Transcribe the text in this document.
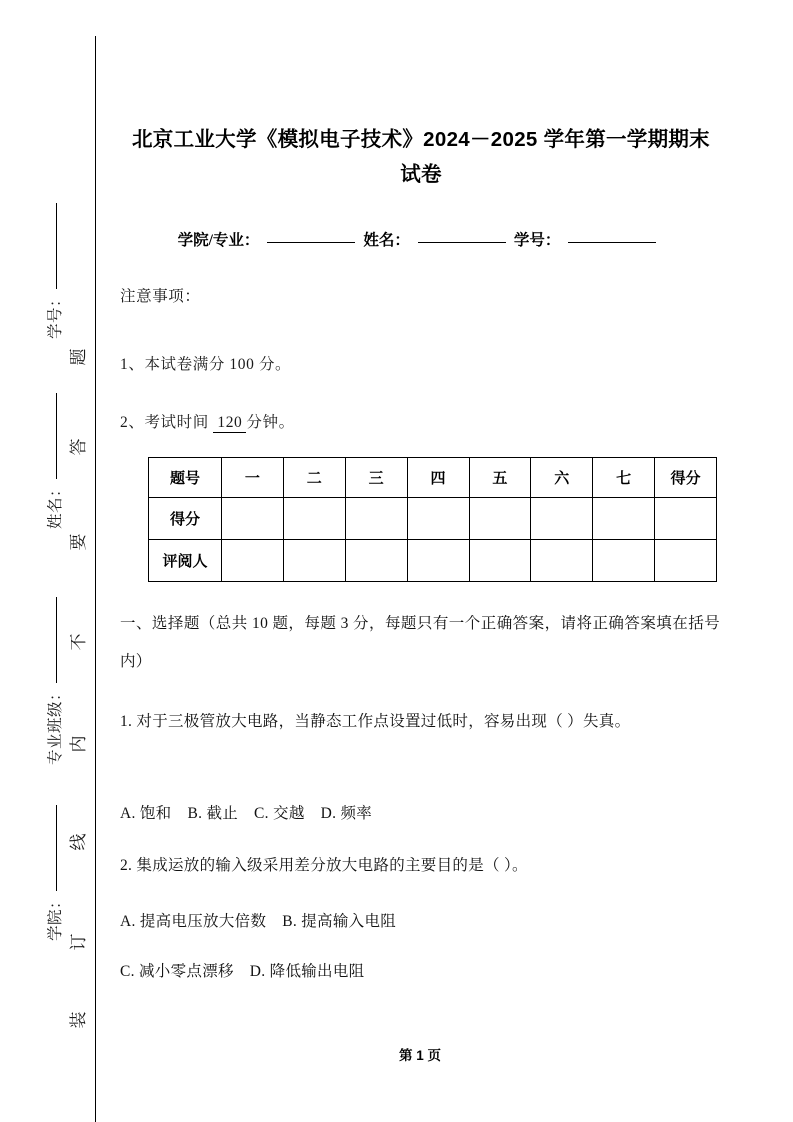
题
答
要
不
内
线
订
装
学号：
姓名：
专业班级：
学院：
北京工业大学《模拟电子技术》2024－2025 学年第一学期期末试卷
学院/专业：	姓名：	学号：
注意事项：
1、本试卷满分 100 分。
2、考试时间 120 分钟。
题号	一	二	三	四	五	六	七	得分
得分								
评阅人								
一、选择题（总共 10 题，每题 3 分，每题只有一个正确答案，请将正确答案填在括号内）
1. 对于三极管放大电路，当静态工作点设置过低时，容易出现（ ）失真。
A. 饱和 B. 截止 C. 交越 D. 频率
2. 集成运放的输入级采用差分放大电路的主要目的是（ ）。
A. 提高电压放大倍数 B. 提高输入电阻
C. 减小零点漂移 D. 降低输出电阻
第 1 页
